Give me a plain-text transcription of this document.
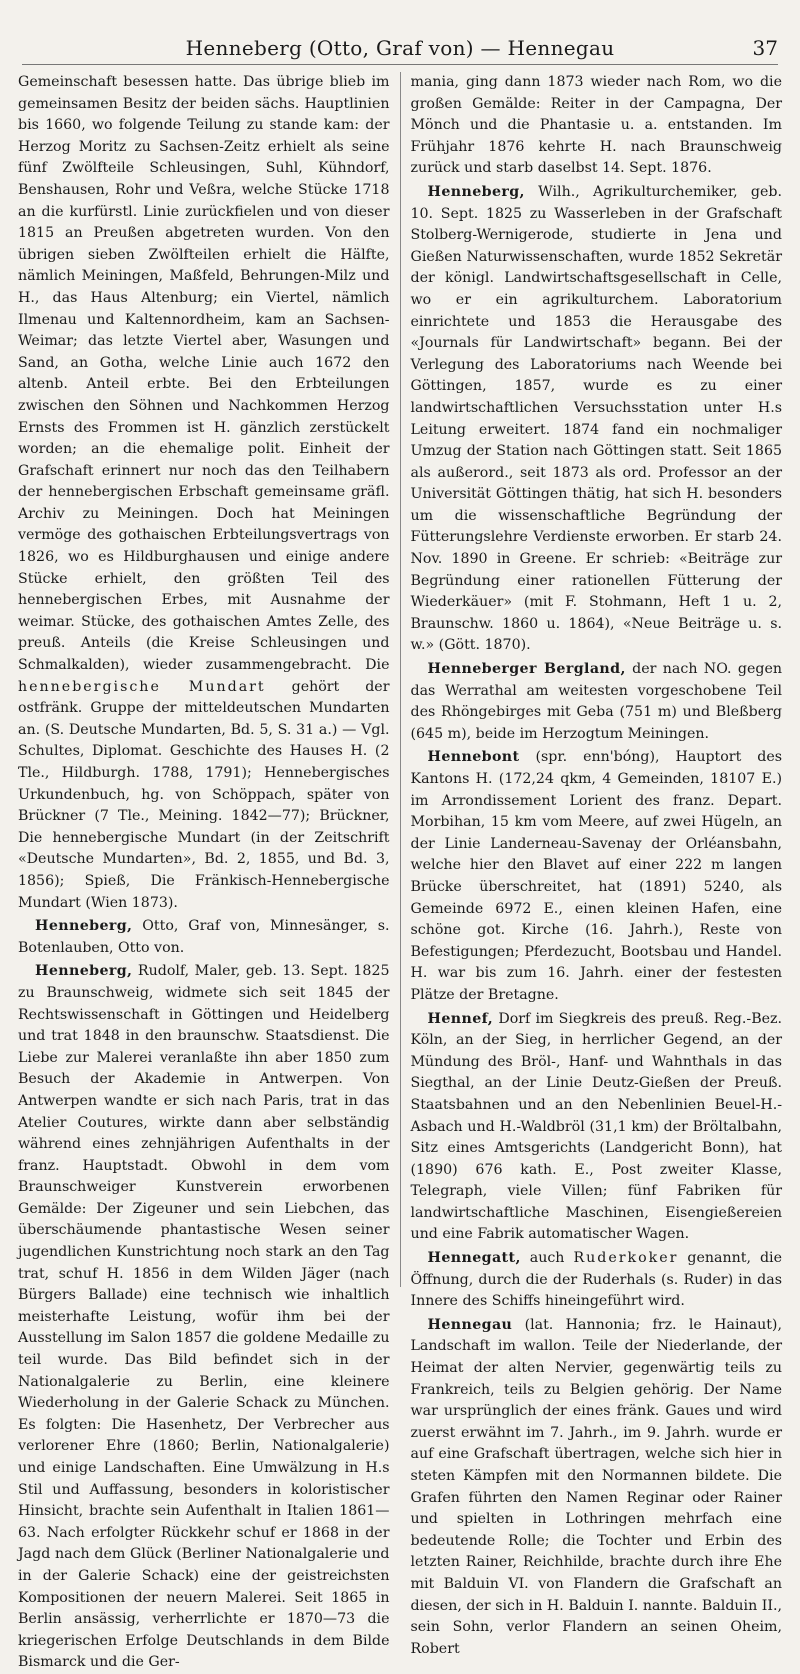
Henneberg (Otto, Graf von) — Hennegau	37

Gemeinschaft besessen hatte. Das übrige blieb im gemeinsamen Besitz der beiden sächs. Hauptlinien bis 1660, wo folgende Teilung zu stande kam: der Herzog Moritz zu Sachsen-Zeitz erhielt als seine fünf Zwölfteile Schleusingen, Suhl, Kühndorf, Benshausen, Rohr und Veßra, welche Stücke 1718 an die kurfürstl. Linie zurückfielen und von dieser 1815 an Preußen abgetreten wurden. Von den übrigen sieben Zwölfteilen erhielt die Hälfte, nämlich Meiningen, Maßfeld, Behrungen-Milz und H., das Haus Altenburg; ein Viertel, nämlich Ilmenau und Kaltennordheim, kam an Sachsen-Weimar; das letzte Viertel aber, Wasungen und Sand, an Gotha, welche Linie auch 1672 den altenb. Anteil erbte. Bei den Erbteilungen zwischen den Söhnen und Nachkommen Herzog Ernsts des Frommen ist H. gänzlich zerstückelt worden; an die ehemalige polit. Einheit der Grafschaft erinnert nur noch das den Teilhabern der hennebergischen Erbschaft gemeinsame gräfl. Archiv zu Meiningen. Doch hat Meiningen vermöge des gothaischen Erbteilungsvertrags von 1826, wo es Hildburghausen und einige andere Stücke erhielt, den größten Teil des hennebergischen Erbes, mit Ausnahme der weimar. Stücke, des gothaischen Amtes Zelle, des preuß. Anteils (die Kreise Schleusingen und Schmalkalden), wieder zusammengebracht. Die hennebergische Mundart gehört der ostfränk. Gruppe der mitteldeutschen Mundarten an. (S. Deutsche Mundarten, Bd. 5, S. 31 a.) — Vgl. Schultes, Diplomat. Geschichte des Hauses H. (2 Tle., Hildburgh. 1788, 1791); Hennebergisches Urkundenbuch, hg. von Schöppach, später von Brückner (7 Tle., Meining. 1842—77); Brückner, Die hennebergische Mundart (in der Zeitschrift «Deutsche Mundarten», Bd. 2, 1855, und Bd. 3, 1856); Spieß, Die Fränkisch-Hennebergische Mundart (Wien 1873).

Henneberg, Otto, Graf von, Minnesänger, s. Botenlauben, Otto von.

Henneberg, Rudolf, Maler, geb. 13. Sept. 1825 zu Braunschweig, widmete sich seit 1845 der Rechtswissenschaft in Göttingen und Heidelberg und trat 1848 in den braunschw. Staatsdienst. Die Liebe zur Malerei veranlaßte ihn aber 1850 zum Besuch der Akademie in Antwerpen. Von Antwerpen wandte er sich nach Paris, trat in das Atelier Coutures, wirkte dann aber selbständig während eines zehnjährigen Aufenthalts in der franz. Hauptstadt. Obwohl in dem vom Braunschweiger Kunstverein erworbenen Gemälde: Der Zigeuner und sein Liebchen, das überschäumende phantastische Wesen seiner jugendlichen Kunstrichtung noch stark an den Tag trat, schuf H. 1856 in dem Wilden Jäger (nach Bürgers Ballade) eine technisch wie inhaltlich meisterhafte Leistung, wofür ihm bei der Ausstellung im Salon 1857 die goldene Medaille zu teil wurde. Das Bild befindet sich in der Nationalgalerie zu Berlin, eine kleinere Wiederholung in der Galerie Schack zu München. Es folgten: Die Hasenhetz, Der Verbrecher aus verlorener Ehre (1860; Berlin, Nationalgalerie) und einige Landschaften. Eine Umwälzung in H.s Stil und Auffassung, besonders in koloristischer Hinsicht, brachte sein Aufenthalt in Italien 1861—63. Nach erfolgter Rückkehr schuf er 1868 in der Jagd nach dem Glück (Berliner Nationalgalerie und in der Galerie Schack) eine der geistreichsten Kompositionen der neuern Malerei. Seit 1865 in Berlin ansässig, verherrlichte er 1870—73 die kriegerischen Erfolge Deutschlands in dem Bilde Bismarck und die Ger-

mania, ging dann 1873 wieder nach Rom, wo die großen Gemälde: Reiter in der Campagna, Der Mönch und die Phantasie u. a. entstanden. Im Frühjahr 1876 kehrte H. nach Braunschweig zurück und starb daselbst 14. Sept. 1876.

Henneberg, Wilh., Agrikulturchemiker, geb. 10. Sept. 1825 zu Wasserleben in der Grafschaft Stolberg-Wernigerode, studierte in Jena und Gießen Naturwissenschaften, wurde 1852 Sekretär der königl. Landwirtschaftsgesellschaft in Celle, wo er ein agrikulturchem. Laboratorium einrichtete und 1853 die Herausgabe des «Journals für Landwirtschaft» begann. Bei der Verlegung des Laboratoriums nach Weende bei Göttingen, 1857, wurde es zu einer landwirtschaftlichen Versuchsstation unter H.s Leitung erweitert. 1874 fand ein nochmaliger Umzug der Station nach Göttingen statt. Seit 1865 als außerord., seit 1873 als ord. Professor an der Universität Göttingen thätig, hat sich H. besonders um die wissenschaftliche Begründung der Fütterungslehre Verdienste erworben. Er starb 24. Nov. 1890 in Greene. Er schrieb: «Beiträge zur Begründung einer rationellen Fütterung der Wiederkäuer» (mit F. Stohmann, Heft 1 u. 2, Braunschw. 1860 u. 1864), «Neue Beiträge u. s. w.» (Gött. 1870).

Henneberger Bergland, der nach NO. gegen das Werrathal am weitesten vorgeschobene Teil des Rhöngebirges mit Geba (751 m) und Bleßberg (645 m), beide im Herzogtum Meiningen.

Hennebont (spr. enn'bóng), Hauptort des Kantons H. (172,24 qkm, 4 Gemeinden, 18107 E.) im Arrondissement Lorient des franz. Depart. Morbihan, 15 km vom Meere, auf zwei Hügeln, an der Linie Landerneau-Savenay der Orléansbahn, welche hier den Blavet auf einer 222 m langen Brücke überschreitet, hat (1891) 5240, als Gemeinde 6972 E., einen kleinen Hafen, eine schöne got. Kirche (16. Jahrh.), Reste von Befestigungen; Pferdezucht, Bootsbau und Handel. H. war bis zum 16. Jahrh. einer der festesten Plätze der Bretagne.

Hennef, Dorf im Siegkreis des preuß. Reg.-Bez. Köln, an der Sieg, in herrlicher Gegend, an der Mündung des Bröl-, Hanf- und Wahnthals in das Siegthal, an der Linie Deutz-Gießen der Preuß. Staatsbahnen und an den Nebenlinien Beuel-H.-Asbach und H.-Waldbröl (31,1 km) der Bröltalbahn, Sitz eines Amtsgerichts (Landgericht Bonn), hat (1890) 676 kath. E., Post zweiter Klasse, Telegraph, viele Villen; fünf Fabriken für landwirtschaftliche Maschinen, Eisengießereien und eine Fabrik automatischer Wagen.

Hennegatt, auch Ruderkoker genannt, die Öffnung, durch die der Ruderhals (s. Ruder) in das Innere des Schiffs hineingeführt wird.

Hennegau (lat. Hannonia; frz. le Hainaut), Landschaft im wallon. Teile der Niederlande, der Heimat der alten Nervier, gegenwärtig teils zu Frankreich, teils zu Belgien gehörig. Der Name war ursprünglich der eines fränk. Gaues und wird zuerst erwähnt im 7. Jahrh., im 9. Jahrh. wurde er auf eine Grafschaft übertragen, welche sich hier in steten Kämpfen mit den Normannen bildete. Die Grafen führten den Namen Reginar oder Rainer und spielten in Lothringen mehrfach eine bedeutende Rolle; die Tochter und Erbin des letzten Rainer, Reichhilde, brachte durch ihre Ehe mit Balduin VI. von Flandern die Grafschaft an diesen, der sich in H. Balduin I. nannte. Balduin II., sein Sohn, verlor Flandern an seinen Oheim, Robert
